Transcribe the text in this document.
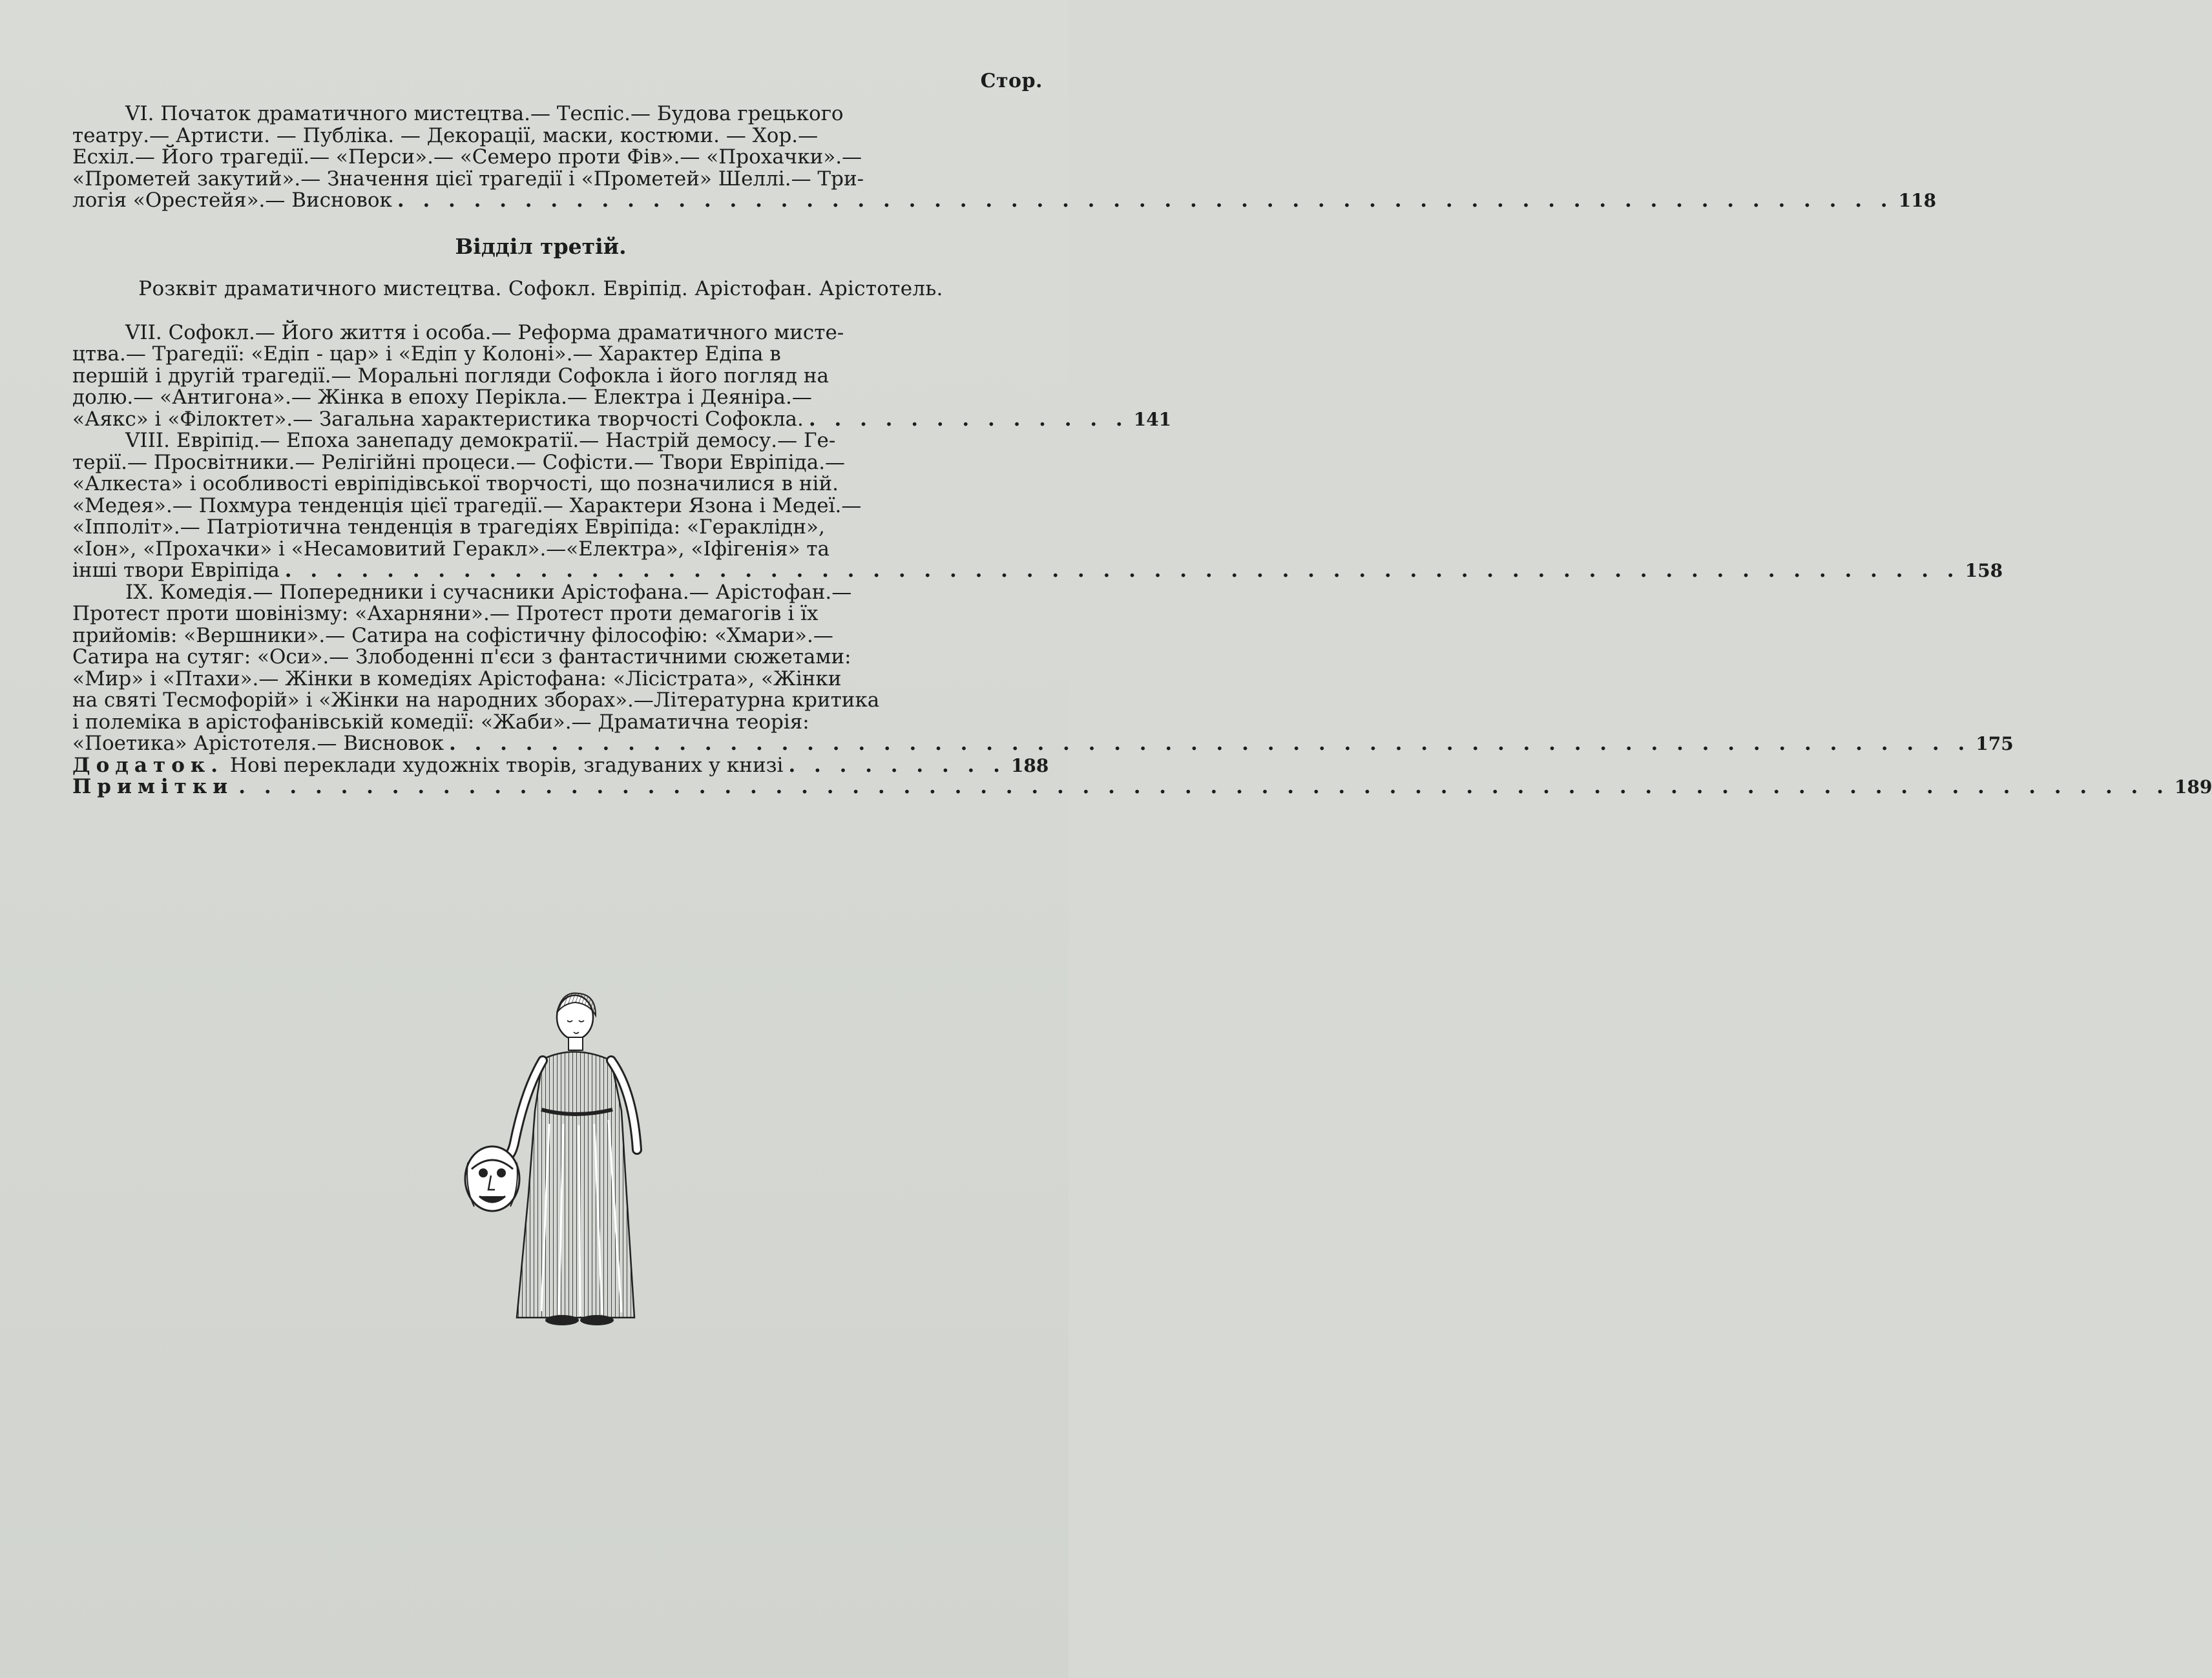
Стор.

VI. Початок драматичного мистецтва.— Теспіс.— Будова грецького

театру.— Артисти. — Публіка. — Декорації, маски, костюми. — Хор.—

Есхіл.— Його трагедії.— «Перси».— «Семеро проти Фів».— «Прохачки».—

«Прометей закутий».— Значення цієї трагедії і «Прометей» Шеллі.— Три-

логія «Орестейя».— Висновок . . . . . . . . . . . . . . . . . . . . . . . . . . . . . . . . . . . . . . . . . . . . . . . . . . . . . . . . . . . 118
Відділ третій.
Розквіт драматичного мистецтва. Софокл. Евріпід. Арістофан. Арістотель.

VII. Софокл.— Його життя і особа.— Реформа драматичного мисте-

цтва.— Трагедії: «Едіп - цар» і «Едіп у Колоні».— Характер Едіпа в

першій і другій трагедії.— Моральні погляди Софокла і його погляд на

долю.— «Антигона».— Жінка в епоху Перікла.— Електра і Деяніра.—

«Аякс» і «Філоктет».— Загальна характеристика творчості Софокла. . . . . . . . . . . . . . 141

VIII. Евріпід.— Епоха занепаду демократії.— Настрій демосу.— Ге-

терії.— Просвітники.— Релігійні процеси.— Софісти.— Твори Евріпіда.—

«Алкеста» і особливості евріпідівської творчості, що позначилися в ній.

«Медея».— Похмура тенденція цієї трагедії.— Характери Язона і Медеї.—

«Іпполіт».— Патріотична тенденція в трагедіях Евріпіда: «Гераклідн»,

«Іон», «Прохачки» і «Несамовитий Геракл».—«Електра», «Іфігенія» та

інші твори Евріпіда . . . . . . . . . . . . . . . . . . . . . . . . . . . . . . . . . . . . . . . . . . . . . . . . . . . . . . . . . . . . . . . . . . 158

IX. Комедія.— Попередники і сучасники Арістофана.— Арістофан.—

Протест проти шовінізму: «Ахарняни».— Протест проти демагогів і їх

прийомів: «Вершники».— Сатира на софістичну філософію: «Хмари».—

Сатира на сутяг: «Оси».— Злободенні п'єси з фантастичними сюжетами:

«Мир» і «Птахи».— Жінки в комедіях Арістофана: «Лісістрата», «Жінки

на святі Тесмофорій» і «Жінки на народних зборах».—Літературна критика

і полеміка в арістофанівській комедії: «Жаби».— Драматична теорія:

«Поетика» Арістотеля.— Висновок . . . . . . . . . . . . . . . . . . . . . . . . . . . . . . . . . . . . . . . . . . . . . . . . . . . . . . . . . . . . 175
Додаток. Нові переклади художніх творів, згадуваних у книзі . . . . . . . . . 188
Примітки . . . . . . . . . . . . . . . . . . . . . . . . . . . . . . . . . . . . . . . . . . . . . . . . . . . . . . . . . . . . . . . . . . . . . . . . . . . . 189
